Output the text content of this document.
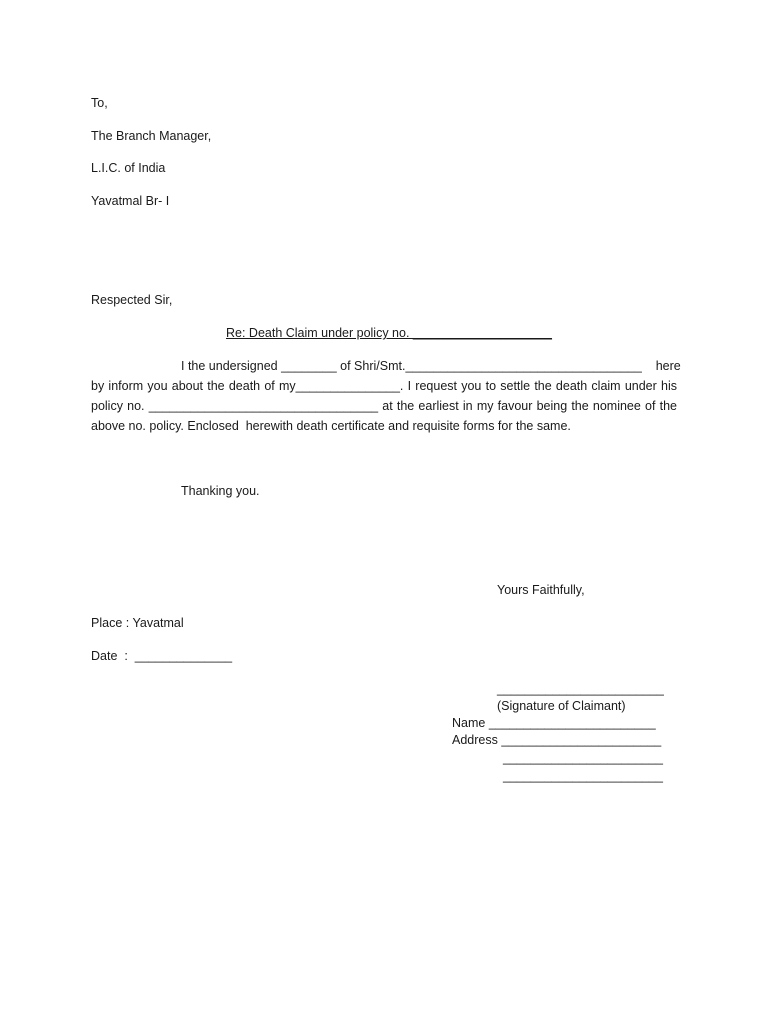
To,
The Branch Manager,
L.I.C. of India
Yavatmal Br- I
Respected Sir,
Re: Death Claim under policy no. ____________________
I the undersigned ________ of Shri/Smt.__________________________________    here
by inform you about the death of my_______________. I request you to settle the death claim under his
policy no. _________________________________ at the earliest in my favour being the nominee of the
above no. policy. Enclosed  herewith death certificate and requisite forms for the same.
Thanking you.
Yours Faithfully,
Place : Yavatmal
Date  :  ______________
________________________
(Signature of Claimant)
Name ________________________
Address _______________________
_______________________
_______________________
